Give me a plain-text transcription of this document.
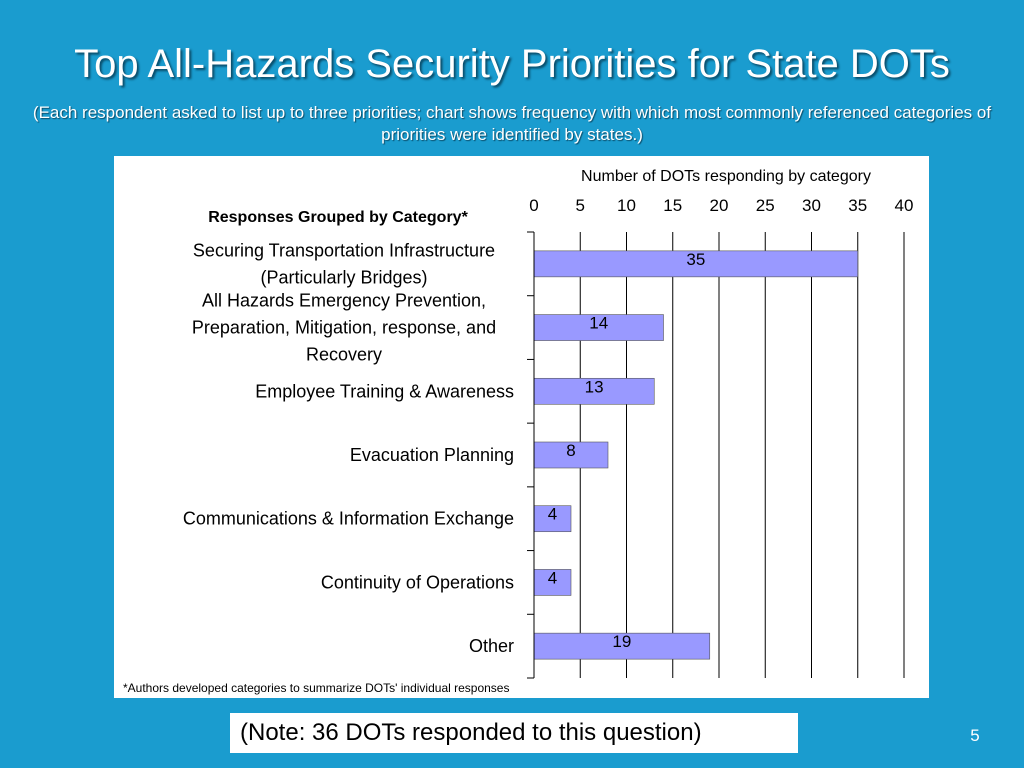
Top All-Hazards Security Priorities for State DOTs
(Each respondent asked to list up to three priorities; chart shows frequency with which most commonly referenced categories of priorities were identified by states.)
Number of DOTs responding by category
Responses Grouped by Category*
35
14
13
8
4
4
19
0 5 10 15 20 25 30 35 40
Securing Transportation Infrastructure (Particularly Bridges)
All Hazards Emergency Prevention, Preparation, Mitigation, response, and Recovery
Employee Training & Awareness
Evacuation Planning
Communications & Information Exchange
Continuity of Operations
Other
*Authors developed categories to summarize DOTs' individual responses
(Note: 36 DOTs responded to this question)	5
